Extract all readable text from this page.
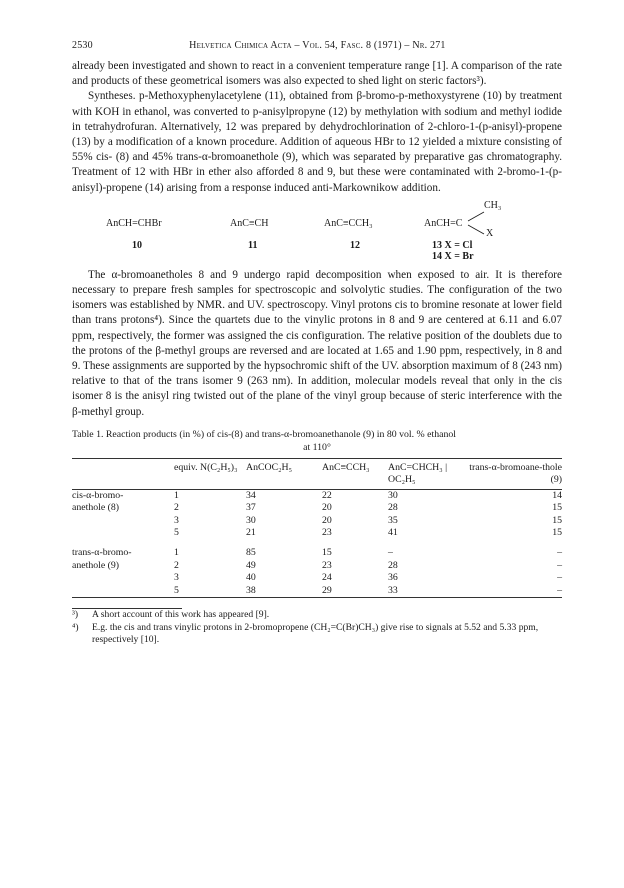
2530	Helvetica Chimica Acta – Vol. 54, Fasc. 8 (1971) – Nr. 271

already been investigated and shown to react in a convenient temperature range [1]. A comparison of the rate and products of these geometrical isomers was also expected to shed light on steric factors³).

Syntheses. p-Methoxyphenylacetylene (11), obtained from β-bromo-p-methoxystyrene (10) by treatment with KOH in ethanol, was converted to p-anisylpropyne (12) by methylation with sodium and methyl iodide in tetrahydrofuran. Alternatively, 12 was prepared by dehydrochlorination of 2-chloro-1-(p-anisyl)-propene (13) by a modification of a known procedure. Addition of aqueous HBr to 12 yielded a mixture consisting of 55% cis- (8) and 45% trans-α-bromoanethole (9), which was separated by preparative gas chromatography. Treatment of 12 with HBr in ether also afforded 8 and 9, but these were contaminated with 2-bromo-1-(p-anisyl)-propene (14) arising from a response induced anti-Markownikow addition.

AnCH=CHBr
10
AnC≡CH
11
AnC≡CCH₃
12
CH₃
AnCH=C
X
13 X = Cl
14 X = Br

The α-bromoanetholes 8 and 9 undergo rapid decomposition when exposed to air. It is therefore necessary to prepare fresh samples for spectroscopic and solvolytic studies. The configuration of the two isomers was established by NMR. and UV. spectroscopy. Vinyl protons cis to bromine resonate at lower field than trans protons⁴). Since the quartets due to the vinylic protons in 8 and 9 are centered at 6.11 and 6.07 ppm, respectively, the former was assigned the cis configuration. The relative position of the doublets due to the protons of the β-methyl groups are reversed and are located at 1.65 and 1.90 ppm, respectively, in 8 and 9. These assignments are supported by the hypsochromic shift of the UV. absorption maximum of 8 (243 nm) relative to that of the trans isomer 9 (263 nm). In addition, molecular models reveal that only in the cis isomer 8 is the anisyl ring twisted out of the plane of the vinyl group because of steric interference with the β-methyl group.

Table 1. Reaction products (in %) of cis-(8) and trans-α-bromoanethanole (9) in 80 vol. % ethanol
at 110°
	equiv. N(C₂H₅)₃	AnCOC₂H₅	AnC≡CCH₃	AnC=CHCH₃ | OC₂H₅	trans-α-bromoane-thole (9)
cis-α-bromo-	1	34	22	30	14
anethole (8)	2	37	20	28	15
	3	30	20	35	15
	5	21	23	41	15

trans-α-bromo-	1	85	15	–	–
anethole (9)	2	49	23	28	–
	3	40	24	36	–
	5	38	29	33	–
³)	A short account of this work has appeared [9].
⁴)	E.g. the cis and trans vinylic protons in 2-bromopropene (CH₂=C(Br)CH₃) give rise to signals at 5.52 and 5.33 ppm, respectively [10].
